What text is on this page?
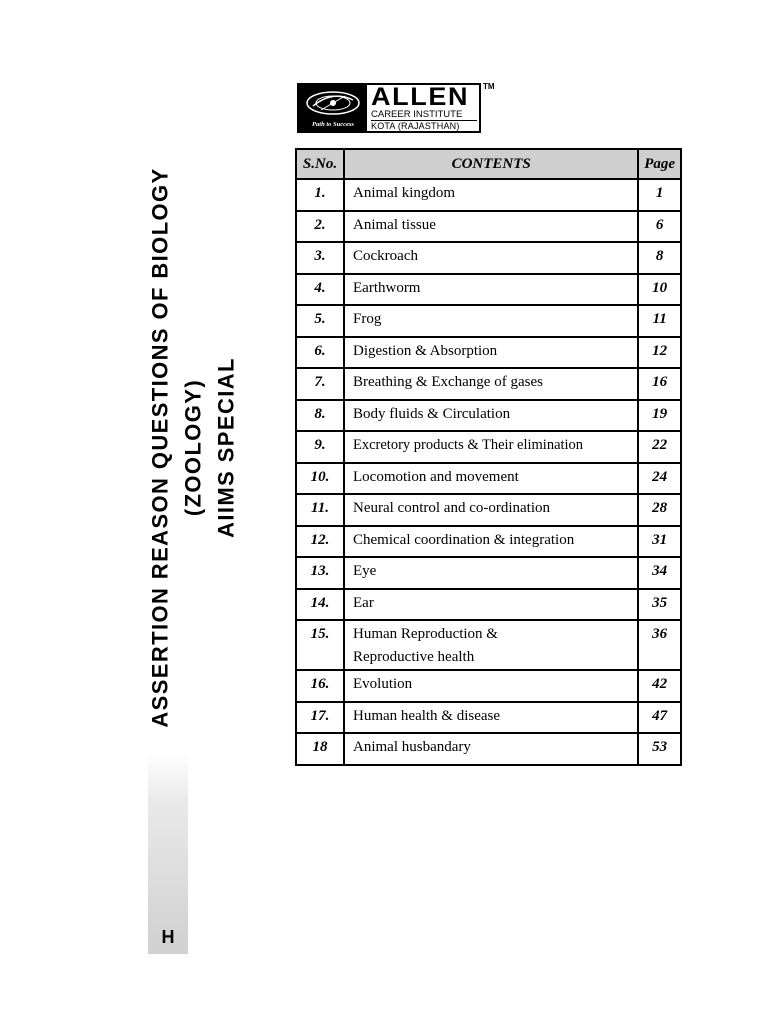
H
ASSERTION REASON QUESTIONS OF BIOLOGY (ZOOLOGY) AIIMS SPECIAL
Path to Success
ALLEN
CAREER INSTITUTE
KOTA (RAJASTHAN)
TM
S.No.	CONTENTS	Page
1.	Animal kingdom	1
2.	Animal tissue	6
3.	Cockroach	8
4.	Earthworm	10
5.	Frog	11
6.	Digestion & Absorption	12
7.	Breathing & Exchange of gases	16
8.	Body fluids & Circulation	19
9.	Excretory products & Their elimination	22
10.	Locomotion and movement	24
11.	Neural control and co-ordination	28
12.	Chemical coordination & integration	31
13.	Eye	34
14.	Ear	35
15.	Human Reproduction & Reproductive health	36
16.	Evolution	42
17.	Human health & disease	47
18	Animal husbandary	53
